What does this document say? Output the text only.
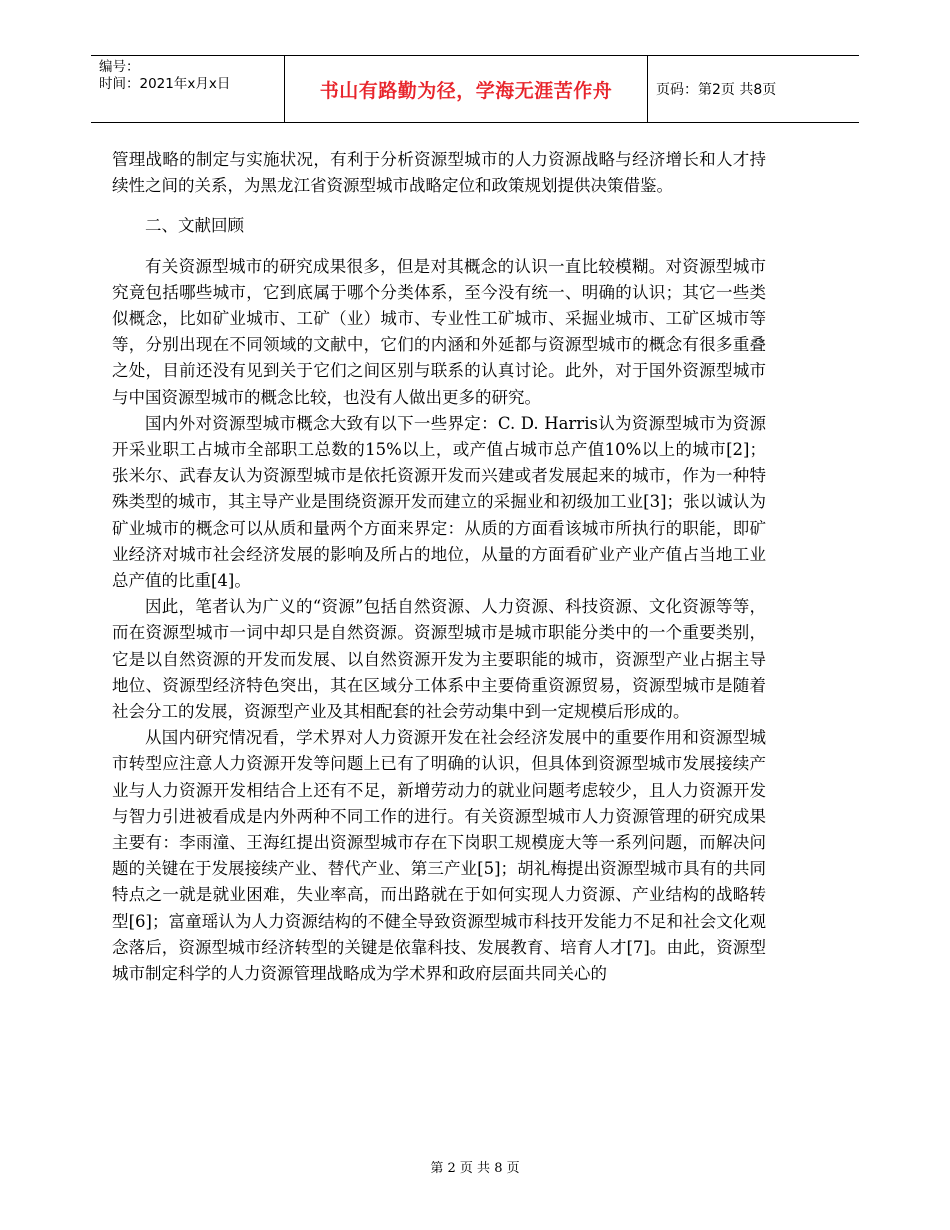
编号：
时间：2021年x月x日	书山有路勤为径，学海无涯苦作舟	页码：第2页 共8页

管理战略的制定与实施状况，有利于分析资源型城市的人力资源战略与经济增长和人才持续性之间的关系，为黑龙江省资源型城市战略定位和政策规划提供决策借鉴。

二、文献回顾

有关资源型城市的研究成果很多，但是对其概念的认识一直比较模糊。对资源型城市究竟包括哪些城市，它到底属于哪个分类体系，至今没有统一、明确的认识；其它一些类似概念，比如矿业城市、工矿（业）城市、专业性工矿城市、采掘业城市、工矿区城市等等，分别出现在不同领域的文献中，它们的内涵和外延都与资源型城市的概念有很多重叠之处，目前还没有见到关于它们之间区别与联系的认真讨论。此外，对于国外资源型城市与中国资源型城市的概念比较，也没有人做出更多的研究。

国内外对资源型城市概念大致有以下一些界定：C. D. Harris认为资源型城市为资源开采业职工占城市全部职工总数的15%以上，或产值占城市总产值10%以上的城市[2]；张米尔、武春友认为资源型城市是依托资源开发而兴建或者发展起来的城市，作为一种特殊类型的城市，其主导产业是围绕资源开发而建立的采掘业和初级加工业[3]；张以诚认为矿业城市的概念可以从质和量两个方面来界定：从质的方面看该城市所执行的职能，即矿业经济对城市社会经济发展的影响及所占的地位，从量的方面看矿业产业产值占当地工业总产值的比重[4]。

因此，笔者认为广义的“资源”包括自然资源、人力资源、科技资源、文化资源等等，而在资源型城市一词中却只是自然资源。资源型城市是城市职能分类中的一个重要类别，它是以自然资源的开发而发展、以自然资源开发为主要职能的城市，资源型产业占据主导地位、资源型经济特色突出，其在区域分工体系中主要倚重资源贸易，资源型城市是随着社会分工的发展，资源型产业及其相配套的社会劳动集中到一定规模后形成的。

从国内研究情况看，学术界对人力资源开发在社会经济发展中的重要作用和资源型城市转型应注意人力资源开发等问题上已有了明确的认识，但具体到资源型城市发展接续产业与人力资源开发相结合上还有不足，新增劳动力的就业问题考虑较少，且人力资源开发与智力引进被看成是内外两种不同工作的进行。有关资源型城市人力资源管理的研究成果主要有：李雨潼、王海红提出资源型城市存在下岗职工规模庞大等一系列问题，而解决问题的关键在于发展接续产业、替代产业、第三产业[5]；胡礼梅提出资源型城市具有的共同特点之一就是就业困难，失业率高，而出路就在于如何实现人力资源、产业结构的战略转型[6]；富童瑶认为人力资源结构的不健全导致资源型城市科技开发能力不足和社会文化观念落后，资源型城市经济转型的关键是依靠科技、发展教育、培育人才[7]。由此，资源型城市制定科学的人力资源管理战略成为学术界和政府层面共同关心的

第 2 页 共 8 页
